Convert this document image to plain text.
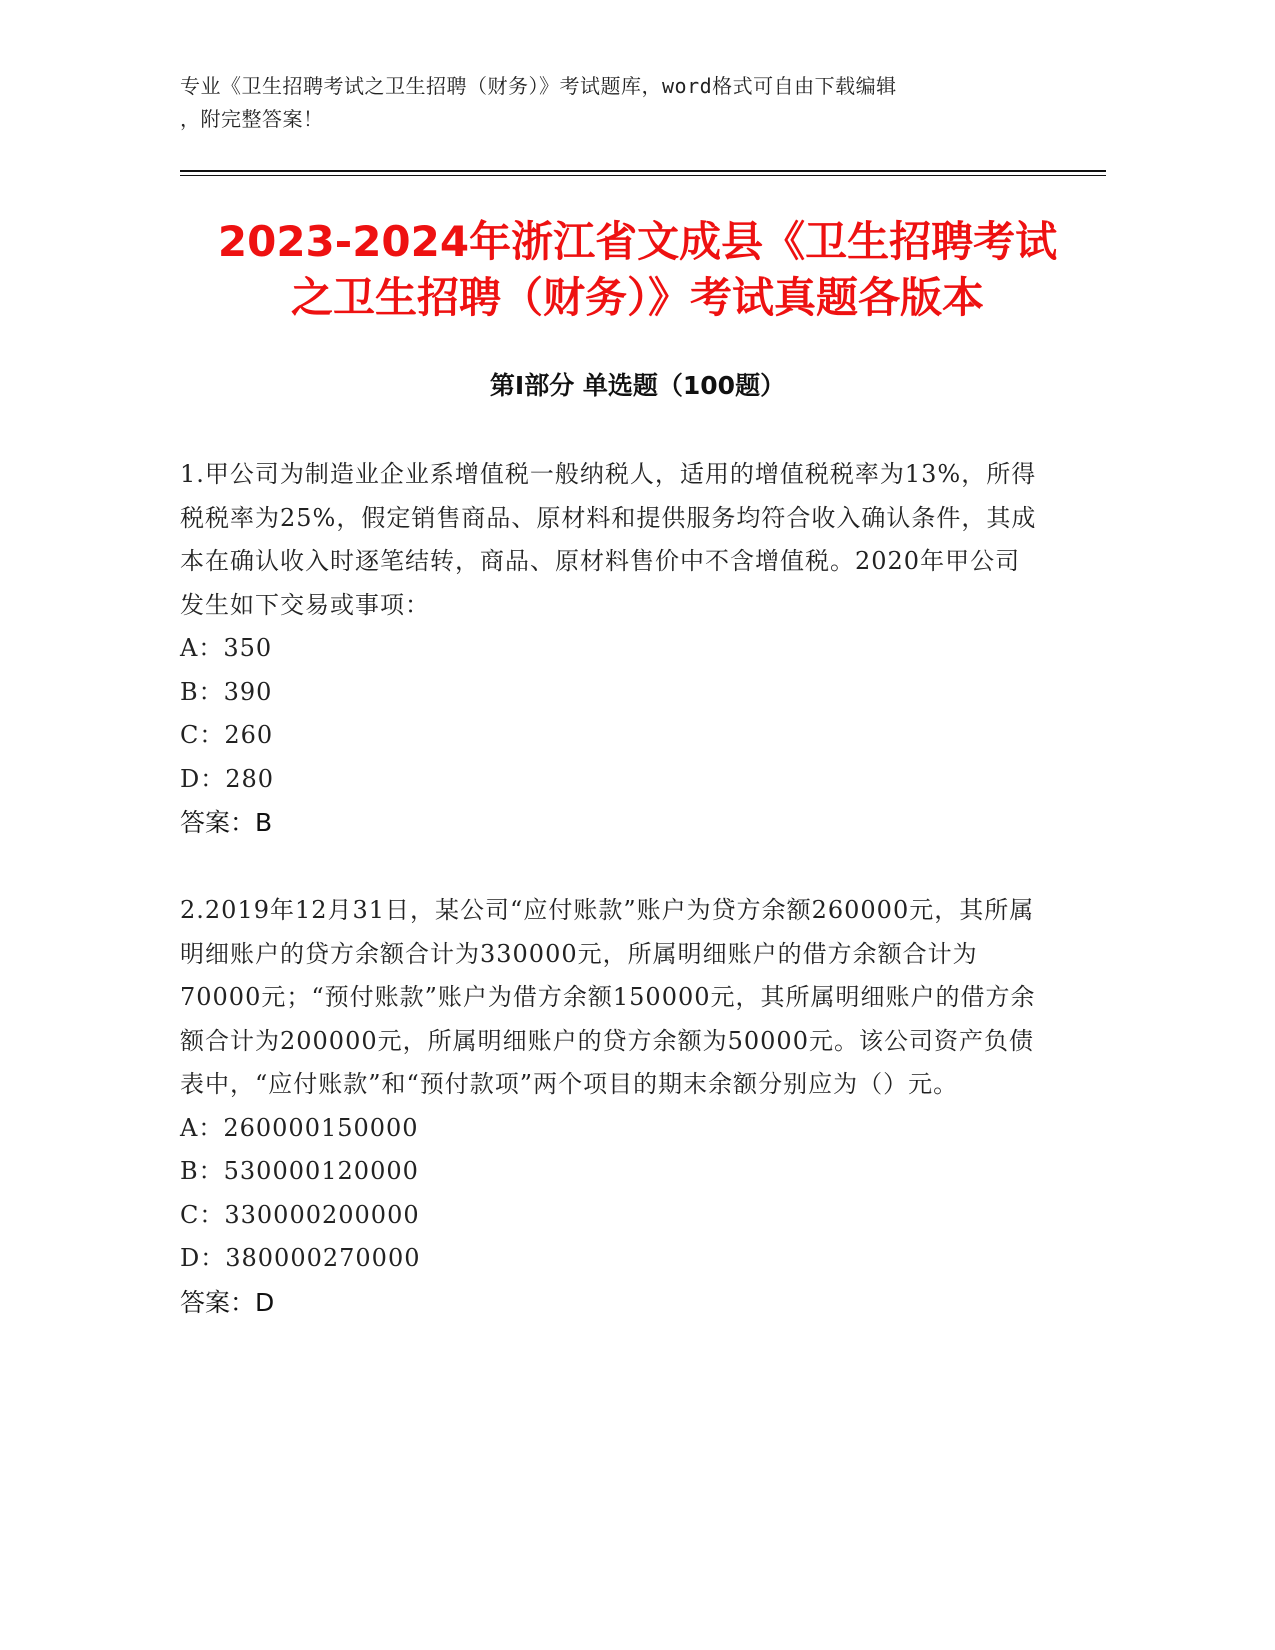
专业《卫生招聘考试之卫生招聘（财务）》考试题库，word格式可自由下载编辑
，附完整答案！
2023-2024年浙江省文成县《卫生招聘考试
之卫生招聘（财务）》考试真题各版本
第Ⅰ部分 单选题（100题）
1.甲公司为制造业企业系增值税一般纳税人，适用的增值税税率为13%，所得税税率为25%，假定销售商品、原材料和提供服务均符合收入确认条件，其成本在确认收入时逐笔结转，商品、原材料售价中不含增值税。2020年甲公司发生如下交易或事项：
A：350
B：390
C：260
D：280
答案：B
2.2019年12月31日，某公司“应付账款”账户为贷方余额260000元，其所属明细账户的贷方余额合计为330000元，所属明细账户的借方余额合计为70000元；“预付账款”账户为借方余额150000元，其所属明细账户的借方余额合计为200000元，所属明细账户的贷方余额为50000元。该公司资产负债表中，“应付账款”和“预付款项”两个项目的期末余额分别应为（）元。
A：260000150000
B：530000120000
C：330000200000
D：380000270000
答案：D
